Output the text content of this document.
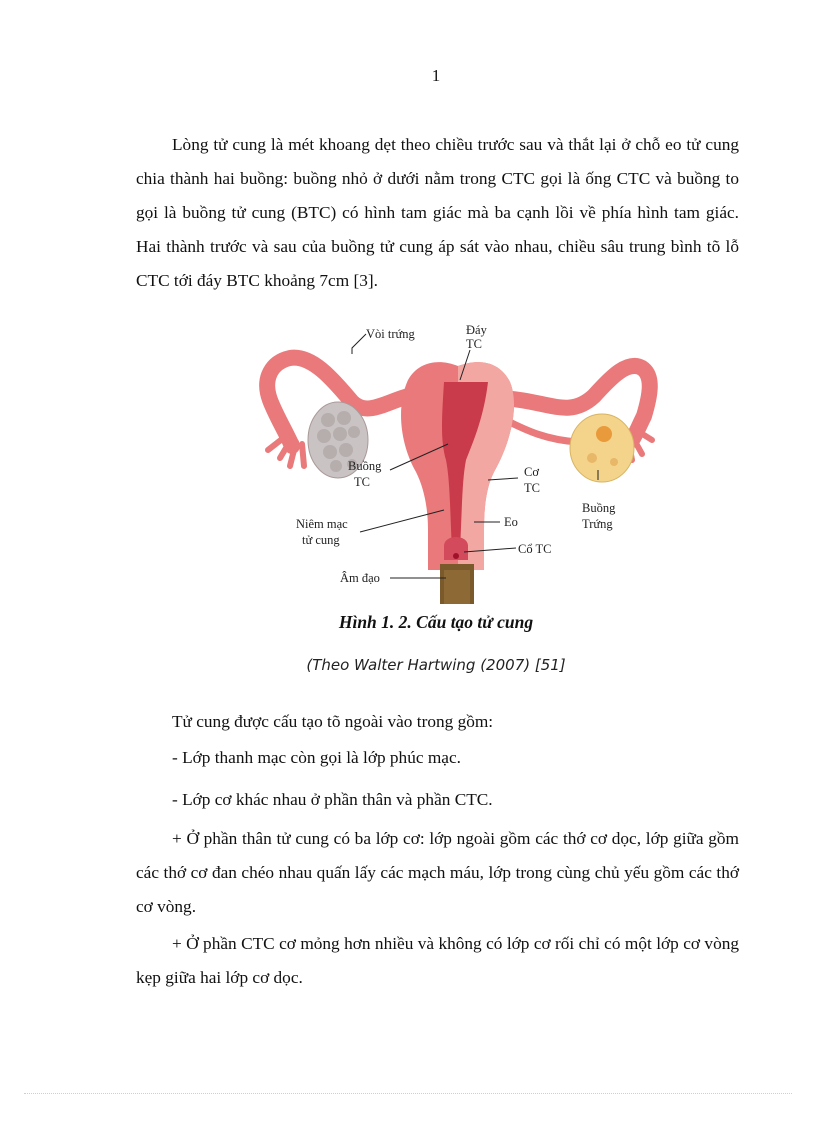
1

Lòng tử cung là mét khoang dẹt theo chiều trước sau và thắt lại ở chỗ eo tử cung chia thành hai buồng: buồng nhỏ ở dưới nằm trong CTC gọi là ống CTC và buồng to gọi là buồng tử cung (BTC) có hình tam giác mà ba cạnh lồi về phía hình tam giác. Hai thành trước và sau của buồng tử cung áp sát vào nhau, chiều sâu trung bình tõ lỗ CTC tới đáy BTC khoảng 7cm [3].

Vòi trứng	Đáy
TC
Buồng
TC
Cơ
TC
Niêm mạc
tử cung
Eo
Buồng
Trứng
Cổ TC
Âm đạo
Hình 1. 2. Cấu tạo tử cung
(Theo Walter Hartwing (2007) [51]

Tử cung được cấu tạo tõ ngoài vào trong gồm:

- Lớp thanh mạc còn gọi là lớp phúc mạc.

- Lớp cơ khác nhau ở phần thân và phần CTC.

+ Ở phần thân tử cung có ba lớp cơ: lớp ngoài gồm các thớ cơ dọc, lớp giữa gồm các thớ cơ đan chéo nhau quấn lấy các mạch máu, lớp trong cùng chủ yếu gồm các thớ cơ vòng.

+ Ở phần CTC cơ mỏng hơn nhiều và không có lớp cơ rối chỉ có một lớp cơ vòng kẹp giữa hai lớp cơ dọc.
